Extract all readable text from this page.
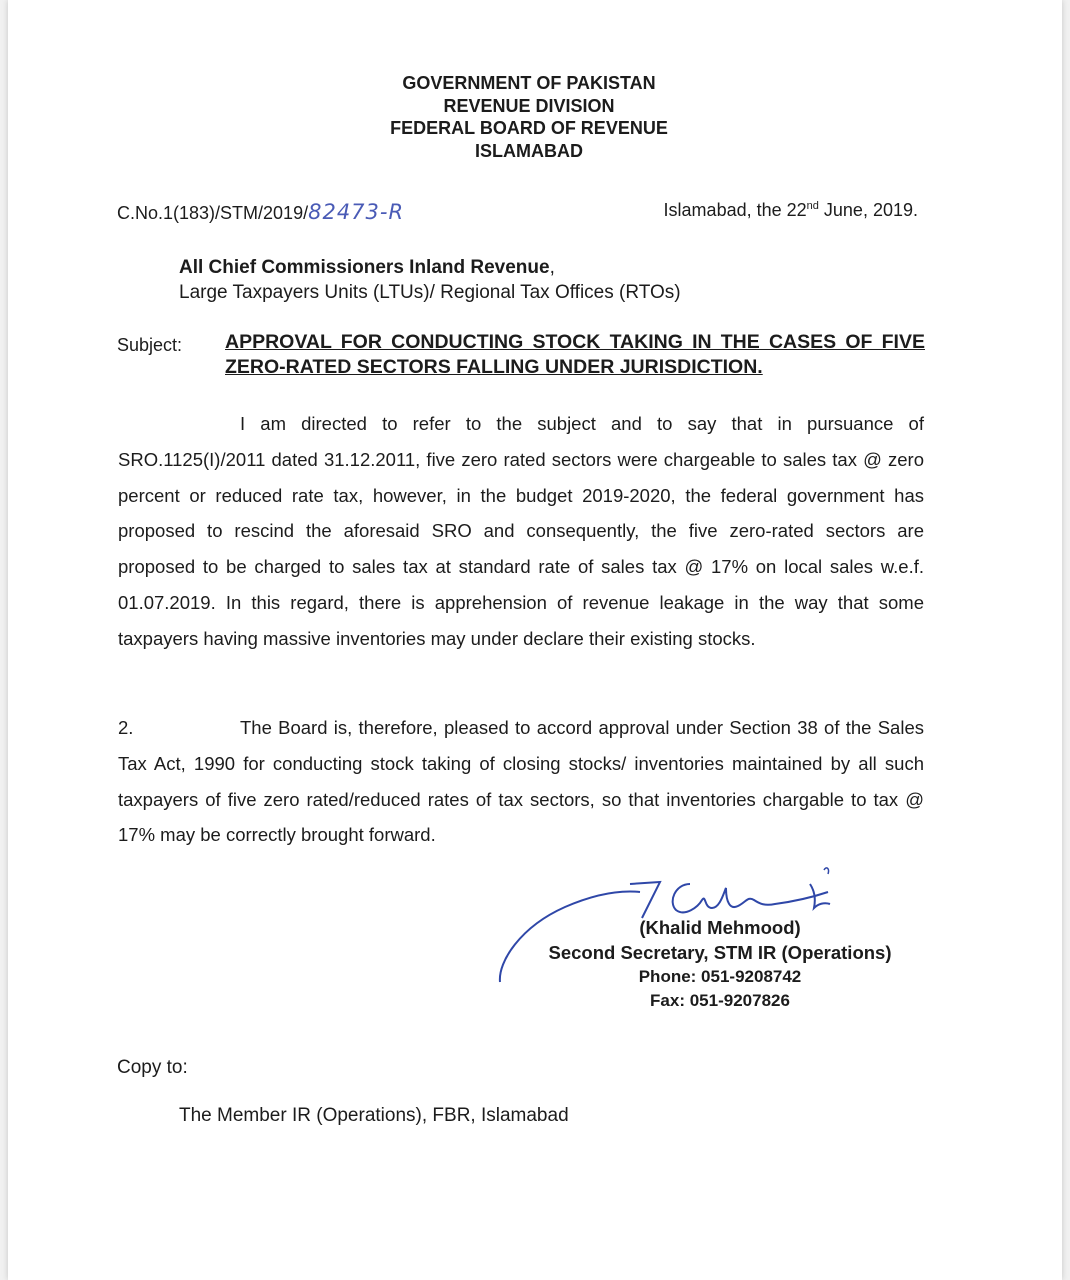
GOVERNMENT OF PAKISTAN
REVENUE DIVISION
FEDERAL BOARD OF REVENUE
ISLAMABAD
C.No.1(183)/STM/2019/82473-R	Islamabad, the 22nd June, 2019.
All Chief Commissioners Inland Revenue,
Large Taxpayers Units (LTUs)/ Regional Tax Offices (RTOs)
Subject: APPROVAL FOR CONDUCTING STOCK TAKING IN THE CASES OF FIVE ZERO-RATED SECTORS FALLING UNDER JURISDICTION.
I am directed to refer to the subject and to say that in pursuance of SRO.1125(I)/2011 dated 31.12.2011, five zero rated sectors were chargeable to sales tax @ zero percent or reduced rate tax, however, in the budget 2019-2020, the federal government has proposed to rescind the aforesaid SRO and consequently, the five zero-rated sectors are proposed to be charged to sales tax at standard rate of sales tax @ 17% on local sales w.e.f. 01.07.2019. In this regard, there is apprehension of revenue leakage in the way that some taxpayers having massive inventories may under declare their existing stocks.
2.	The Board is, therefore, pleased to accord approval under Section 38 of the Sales Tax Act, 1990 for conducting stock taking of closing stocks/ inventories maintained by all such taxpayers of five zero rated/reduced rates of tax sectors, so that inventories chargable to tax @ 17% may be correctly brought forward.
(Khalid Mehmood)
Second Secretary, STM IR (Operations)
Phone: 051-9208742
Fax: 051-9207826
Copy to:
The Member IR (Operations), FBR, Islamabad
